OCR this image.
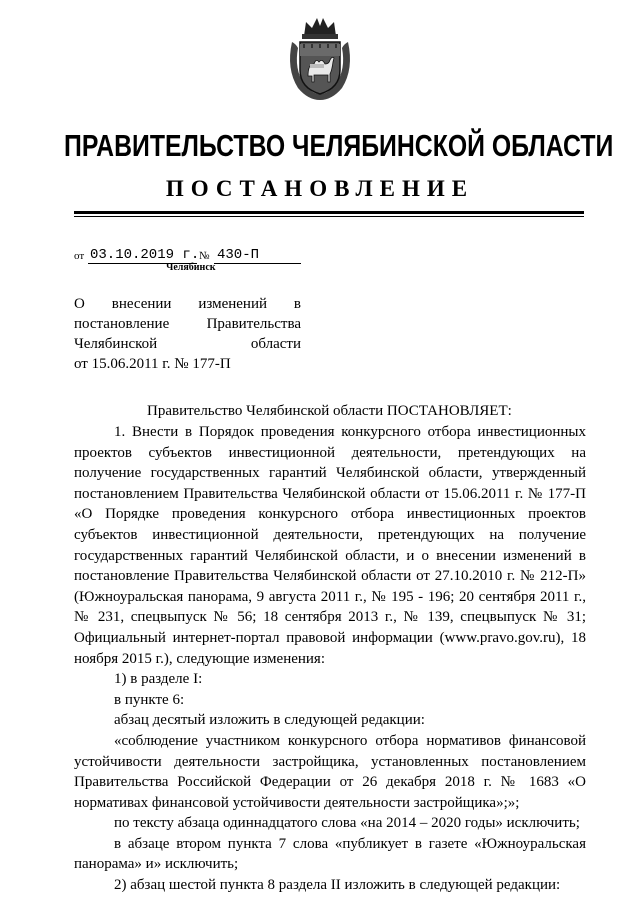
ПРАВИТЕЛЬСТВО ЧЕЛЯБИНСКОЙ ОБЛАСТИ
ПОСТАНОВЛЕНИЕ
от 03.10.2019 г. № 430-П
Челябинск
О внесении изменений в
постановление Правительства
Челябинской области
от 15.06.2011 г. № 177-П
Правительство Челябинской области ПОСТАНОВЛЯЕТ:

1. Внести в Порядок проведения конкурсного отбора инвестиционных проектов субъектов инвестиционной деятельности, претендующих на получение государственных гарантий Челябинской области, утвержденный постановлением Правительства Челябинской области от 15.06.2011 г. № 177-П «О Порядке проведения конкурсного отбора инвестиционных проектов субъектов инвестиционной деятельности, претендующих на получение государственных гарантий Челябинской области, и о внесении изменений в постановление Правительства Челябинской области от 27.10.2010 г. № 212-П» (Южноуральская панорама, 9 августа 2011 г., № 195 - 196; 20 сентября 2011 г., № 231, спецвыпуск № 56; 18 сентября 2013 г., № 139, спецвыпуск № 31; Официальный интернет-портал правовой информации (www.pravo.gov.ru), 18 ноября 2015 г.), следующие изменения:

1) в разделе I:

в пункте 6:

абзац десятый изложить в следующей редакции:

«соблюдение участником конкурсного отбора нормативов финансовой устойчивости деятельности застройщика, установленных постановлением Правительства Российской Федерации от 26 декабря 2018 г. № 1683 «О нормативах финансовой устойчивости деятельности застройщика»;»;

по тексту абзаца одиннадцатого слова «на 2014 – 2020 годы» исключить;

в абзаце втором пункта 7 слова «публикует в газете «Южноуральская панорама» и» исключить;

2) абзац шестой пункта 8 раздела II изложить в следующей редакции:
